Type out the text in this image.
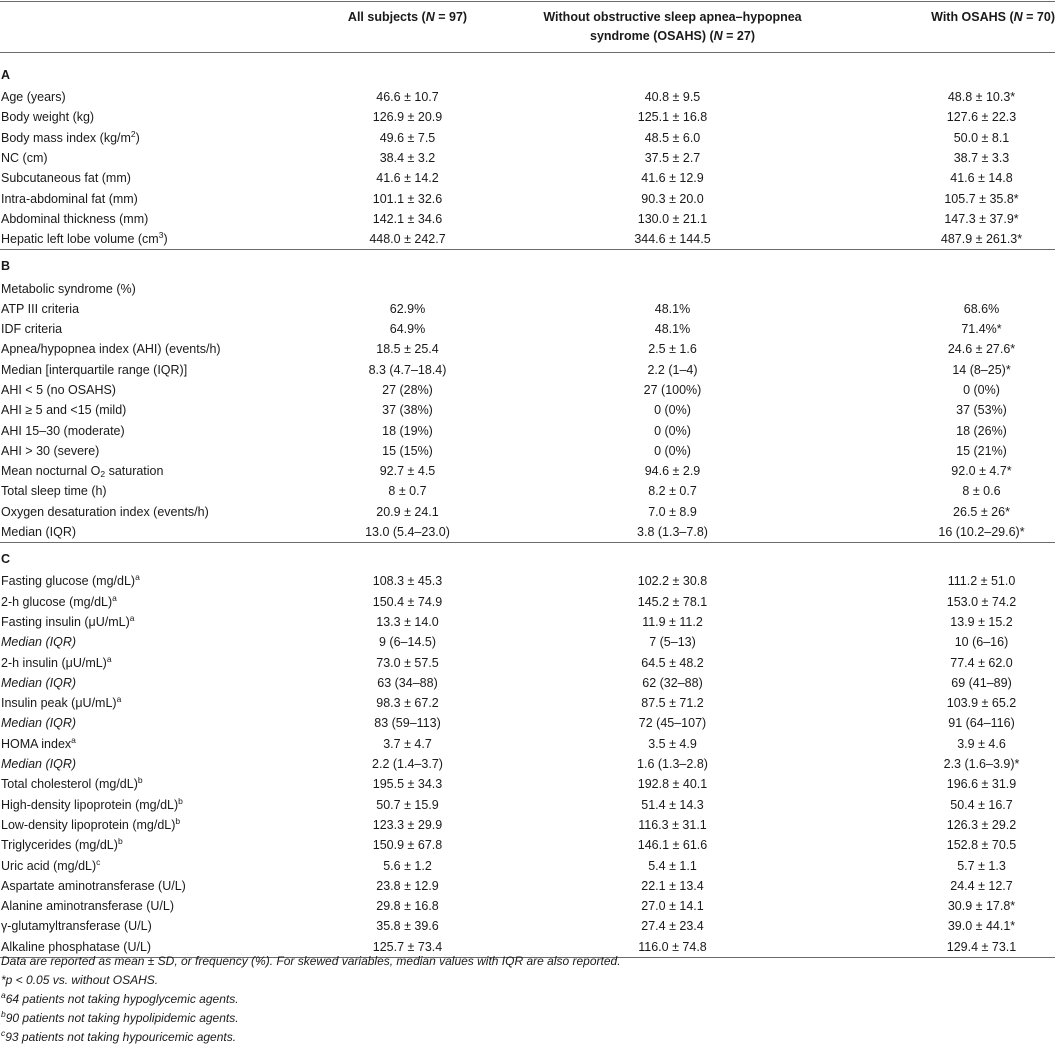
	All subjects (N = 97)	Without obstructive sleep apnea–hypopnea
syndrome (OSAHS) (N = 27)	With OSAHS (N = 70)

A			
Age (years)	46.6 ± 10.7	40.8 ± 9.5	48.8 ± 10.3*
Body weight (kg)	126.9 ± 20.9	125.1 ± 16.8	127.6 ± 22.3
Body mass index $(kg/m^2)$	49.6 ± 7.5	48.5 ± 6.0	50.0 ± 8.1
NC (cm)	38.4 ± 3.2	37.5 ± 2.7	38.7 ± 3.3
Subcutaneous fat (mm)	41.6 ± 14.2	41.6 ± 12.9	41.6 ± 14.8
Intra-abdominal fat (mm)	101.1 ± 32.6	90.3 ± 20.0	105.7 ± 35.8*
Abdominal thickness (mm)	142.1 ± 34.6	130.0 ± 21.1	147.3 ± 37.9*
Hepatic left lobe volume $(cm^3)$	448.0 ± 242.7	344.6 ± 144.5	487.9 ± 261.3*

B			
Metabolic syndrome (%)			
ATP III criteria	62.9%	48.1%	68.6%
IDF criteria	64.9%	48.1%	71.4%*
Apnea/hypopnea index (AHI) (events/h)	18.5 ± 25.4	2.5 ± 1.6	24.6 ± 27.6*
Median [interquartile range (IQR)]	8.3 (4.7–18.4)	2.2 (1–4)	14 (8–25)*
AHI < 5 (no OSAHS)	27 (28%)	27 (100%)	0 (0%)
AHI ≥ 5 and <15 (mild)	37 (38%)	0 (0%)	37 (53%)
AHI 15–30 (moderate)	18 (19%)	0 (0%)	18 (26%)
AHI > 30 (severe)	15 (15%)	0 (0%)	15 (21%)
Mean nocturnal $O_2$ saturation	92.7 ± 4.5	94.6 ± 2.9	92.0 ± 4.7*
Total sleep time (h)	8 ± 0.7	8.2 ± 0.7	8 ± 0.6
Oxygen desaturation index (events/h)	20.9 ± 24.1	7.0 ± 8.9	26.5 ± 26*
Median (IQR)	13.0 (5.4–23.0)	3.8 (1.3–7.8)	16 (10.2–29.6)*

C			
Fasting glucose $(mg/dL)^a$	108.3 ± 45.3	102.2 ± 30.8	111.2 ± 51.0
2-h glucose $(mg/dL)^a$	150.4 ± 74.9	145.2 ± 78.1	153.0 ± 74.2
Fasting insulin $(\mu U/mL)^a$	13.3 ± 14.0	11.9 ± 11.2	13.9 ± 15.2
Median (IQR)	9 (6–14.5)	7 (5–13)	10 (6–16)
2-h insulin $(\mu U/mL)^a$	73.0 ± 57.5	64.5 ± 48.2	77.4 ± 62.0
Median (IQR)	63 (34–88)	62 (32–88)	69 (41–89)
Insulin peak $(\mu U/mL)^a$	98.3 ± 67.2	87.5 ± 71.2	103.9 ± 65.2
Median (IQR)	83 (59–113)	72 (45–107)	91 (64–116)
HOMA index$^a$	3.7 ± 4.7	3.5 ± 4.9	3.9 ± 4.6
Median (IQR)	2.2 (1.4–3.7)	1.6 (1.3–2.8)	2.3 (1.6–3.9)*
Total cholesterol $(mg/dL)^b$	195.5 ± 34.3	192.8 ± 40.1	196.6 ± 31.9
High-density lipoprotein $(mg/dL)^b$	50.7 ± 15.9	51.4 ± 14.3	50.4 ± 16.7
Low-density lipoprotein $(mg/dL)^b$	123.3 ± 29.9	116.3 ± 31.1	126.3 ± 29.2
Triglycerides $(mg/dL)^b$	150.9 ± 67.8	146.1 ± 61.6	152.8 ± 70.5
Uric acid $(mg/dL)^c$	5.6 ± 1.2	5.4 ± 1.1	5.7 ± 1.3
Aspartate aminotransferase (U/L)	23.8 ± 12.9	22.1 ± 13.4	24.4 ± 12.7
Alanine aminotransferase (U/L)	29.8 ± 16.8	27.0 ± 14.1	30.9 ± 17.8*
γ-glutamyltransferase (U/L)	35.8 ± 39.6	27.4 ± 23.4	39.0 ± 44.1*
Alkaline phosphatase (U/L)	125.7 ± 73.4	116.0 ± 74.8	129.4 ± 73.1

Data are reported as mean ± SD, or frequency (%). For skewed variables, median values with IQR are also reported.
*p < 0.05 vs. without OSAHS.
$^a$64 patients not taking hypoglycemic agents.
$^b$90 patients not taking hypolipidemic agents.
$^c$93 patients not taking hypouricemic agents.
